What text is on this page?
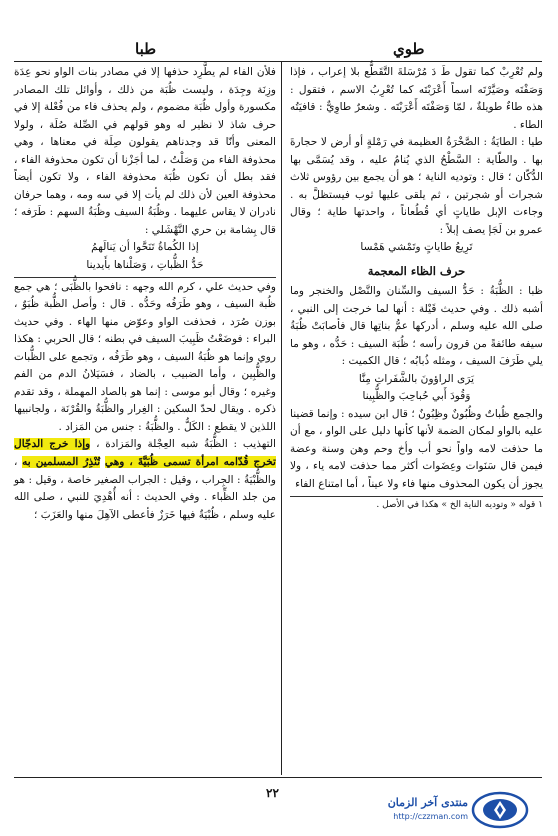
طبا	طوي

ولم تُعْرِبْ كما تقول طَ دَ مُرْسَلةَ التَّقَطُّع بلا إعراب ، فإذا وَصَفْتَه وصَيَّرْتَه اسماً أَعْرَبْتَه كما تُعْرِبُ الاسم ، فتقول : هذه طاءٌ طويلةٌ ، لمّا وَصَفْتَه أَعْرَبْتَه . وشعرٌ طاوِيٌّ : قافيَتُه الطاء .

طيا : الطايَةُ : الصَّخْرَةُ العظيمة في رَمْلةٍ أو أرض لا حجارةَ بها . والطّاية : السَّطْحُ الذي يُنامُ عليه ، وقد يُسَمَّى بها الدُّكّان ؛ قال : وتوديه الناية ؛ هو أن يجمع بين رؤوس ثلاث شجرات أو شجرتين ، ثم يلقى عليها ثوب فيستظلَّ به . وجاءت الإبل طاياتٍ أي قُطُعاناً ، واحدتها طاية ؛ وقال عمرو بن لَجَإ يصف إبلاً :

تَرِيعُ طاياتٍ وتَمْشي هَمْسا
حرف الظاء المعجمة

ظبا : الظُّبَةُ : حَدُّ السيف والسِّنان والنَّصْل والخنجر وما أشبه ذلك . وفي حديث قَيْلة : أنها لما خرجت إلى النبي ، صلى الله عليه وسلم ، أدركها عمُّ بناتِها قال فأصابَتْ ظُبَةُ سيفه طائفةً من قرون رأسه ؛ ظُبَة السيف : حَدُّه ، وهو ما يلي طَرَفَ السيف ، ومثله ذُبابُه ؛ قال الكميت :

يَرَى الراؤونَ بالشَّفَراتِ مِنَّا
وَقُودَ أَبي حُباحِبَ والظُّبِينا

والجمع ظُباتٌ وظُبُونٌ وظِبُونٌ ؛ قال ابن سيده : وإنما قضينا عليه بالواو لمكان الضمة لأنها كأنها دليل على الواو ، مع أن ما حذفت لامه واواً نحو أب وأخ وحم وهن وسنة وعضة فيمن قال سَنَوات وعِضَوات أكثر مما حذفت لامه ياء ، ولا يجوز أن يكون المحذوف منها فاء ولا عيناً ، أما امتناع الفاء

١ قوله « وتوديه الناية الخ » هكذا في الأصل .

فلأن الفاء لم يطَّرِد حذفها إلا في مصادر بنات الواو نحو عِدَة وزِنَة وجِدَة ، وليست ظُبَة من ذلك ، وأوائل تلك المصادر مكسورة وأول ظُبَة مضموم ، ولم يحذف فاء من فُعْلة إلا في حرف شاذ لا نظير له وهو قولهم في الصِّلة صُلَة ، ولولا المعنى وأنّا قد وجدناهم يقولون صِلَة في معناها ، وهي محذوفة الفاء من وَصَلْتُ ، لما أجَزْنا أن تكون محذوفة الفاء ، فقد بطل أن تكون ظُبَة محذوفة الفاء ، ولا تكون أيضاً محذوفة العين لأن ذلك لم يأت إلا في سه ومه ، وهما حرفان نادران لا يقاس عليهما . وظُبَةُ السيف وظُبَةُ السهم : طَرَفه ؛ قال بِشامة بن حري النَّهْشَلي :

إذا الكُماةُ تَنَحَّوا أن يَنالَهمُ
حَدُّ الظُّباتِ ، وَصَلْناها بأَيدينا

وفي حديث علي ، كرم الله وجهه : نافحوا بالظُّبَى ؛ هي جمع ظُبة السيف ، وهو طَرَفُه وحَدُّه . قال : وأصل الظُّبة ظُبَوٌ ، بوزن صُرَد ، فحذفت الواو وعوّض منها الهاء . وفي حديث البراء : فوضَعْتُ ظَبِيبَ السيف في بطنه ؛ قال الحربي : هكذا روي وإنما هو ظُبَةُ السيف ، وهو طَرَفُه ، وتجمع على الظُّبات والظُّبِين ، وأما الضبيب ، بالضاد ، فسَيَلانُ الدم من الفم وغيره ؛ وقال أبو موسى : إنما هو بالصاد المهملة ، وقد تقدم ذكره . ويقال لحدّ السكين : الغِرار والظُّبَةُ والقُرْنَة ، ولجانبيها اللذين لا يقطع : الكَلُّ . والظُّبَةُ : جنس من المَزاد .

التهذيب : الظُّبَةُ شبه العِجْلة والمَزادة ، وإذا خرج الدجّال تخرج قُدّامه امرأة تسمى ظُبَيَّةَ ، وهي تُنْذِرُ المسلمين به ، والظُّبْيَةُ : الجِراب ، وقيل : الجراب الصغير خاصة ، وقيل : هو من جلد الظِّباء . وفي الحديث : أنه أُهْدِيَ للنبي ، صلى الله عليه وسلم ، ظُبْيَةٌ فيها خَرَزٌ فأعطى الآهِلَ منها والعَزَبَ ؛

٢٢
منتدى آخر الزمان
http://czzman.com
